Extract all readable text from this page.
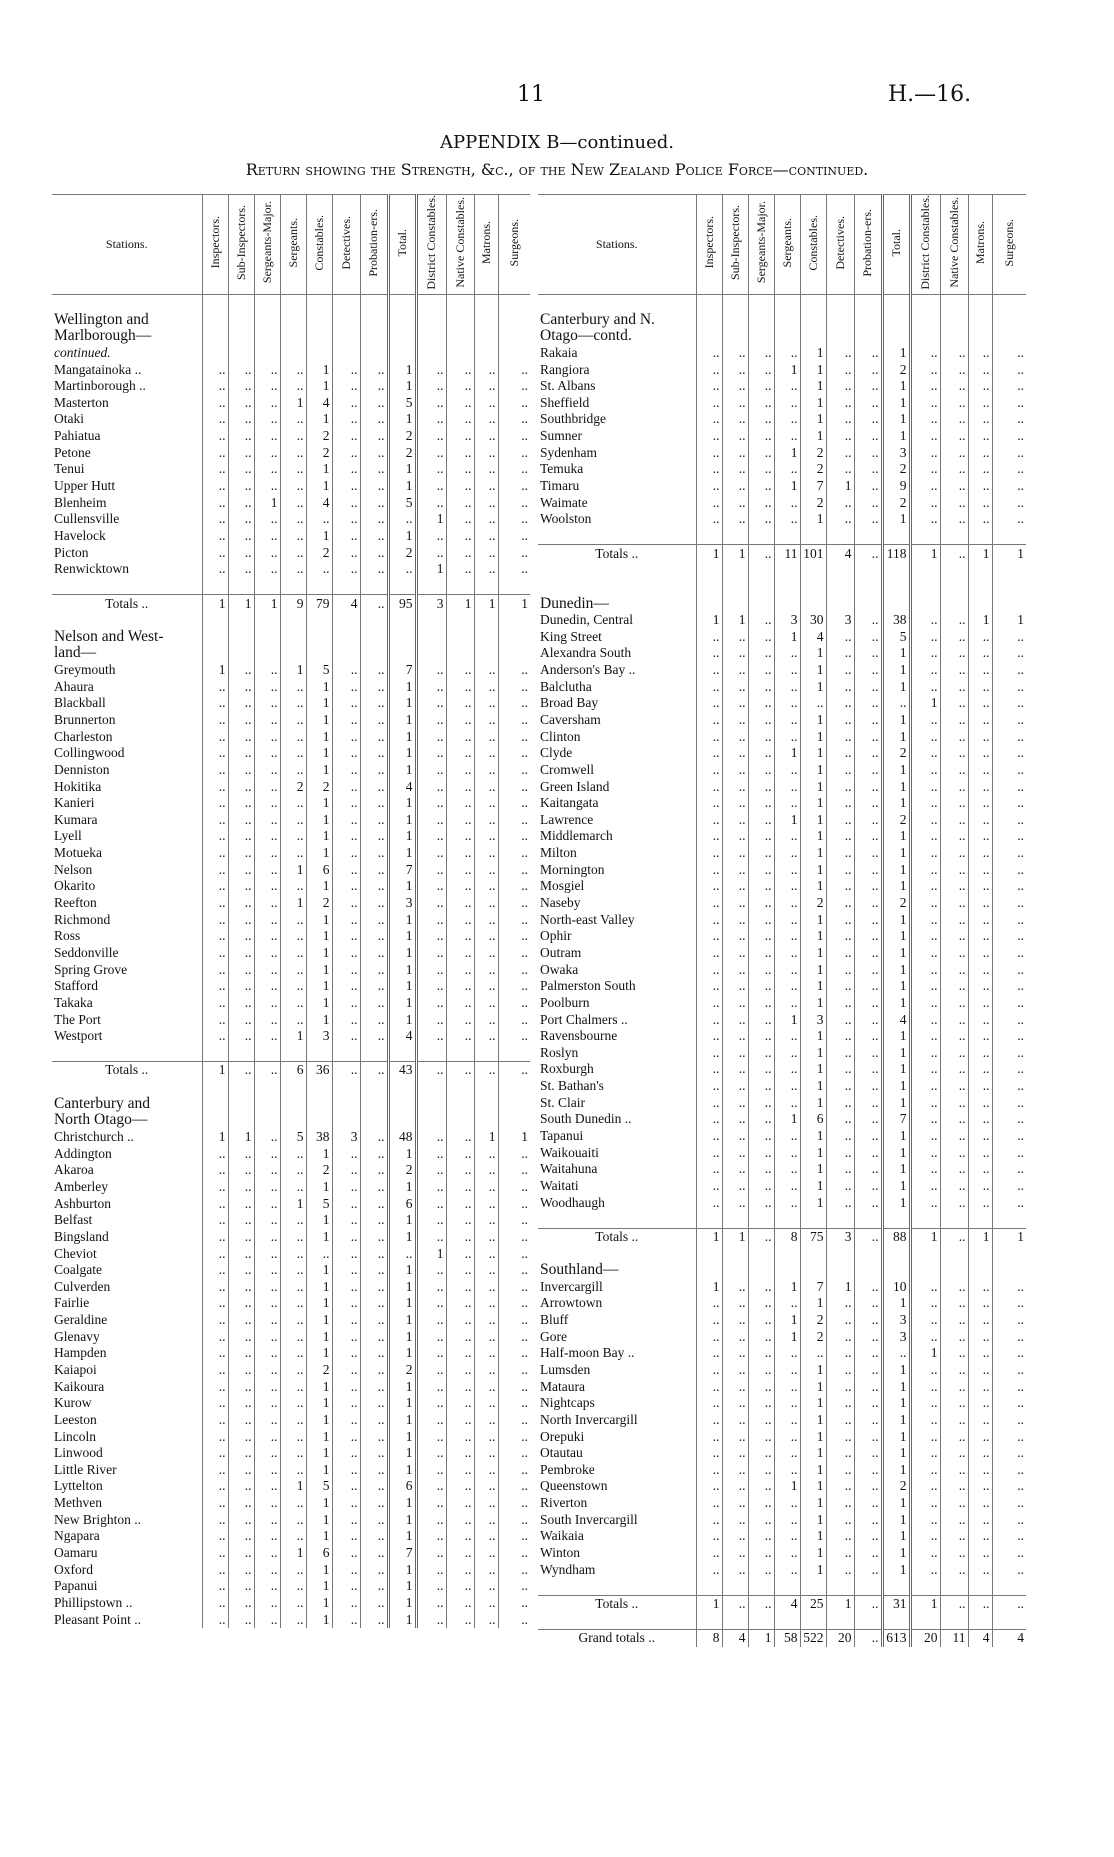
11	H.—16.
APPENDIX B—continued.
Return showing the Strength, &c., of the New Zealand Police Force—continued.
Stations.	Inspectors.	Sub-Inspectors.	Sergeants-Major.	Sergeants.	Constables.	Detectives.	Probation-ers.	Total.	District Constables.	Native Constables.	Matrons.	Surgeons.

Wellington and												
Marlborough—												
continued.												
Mangatainoka ..	..	..	..	..	1	..	..	1	..	..	..	..
Martinborough ..	..	..	..	..	1	..	..	1	..	..	..	..
Masterton	..	..	..	1	4	..	..	5	..	..	..	..
Otaki	..	..	..	..	1	..	..	1	..	..	..	..
Pahiatua	..	..	..	..	2	..	..	2	..	..	..	..
Petone	..	..	..	..	2	..	..	2	..	..	..	..
Tenui	..	..	..	..	1	..	..	1	..	..	..	..
Upper Hutt	..	..	..	..	1	..	..	1	..	..	..	..
Blenheim	..	..	1	..	4	..	..	5	..	..	..	..
Cullensville	..	..	..	..	..	..	..	..	1	..	..	..
Havelock	..	..	..	..	1	..	..	1	..	..	..	..
Picton	..	..	..	..	2	..	..	2	..	..	..	..
Renwicktown	..	..	..	..	..	..	..	..	1	..	..	..

Totals ..	1	1	1	9	79	4	..	95	3	1	1	1

Nelson and West-												
land—												
Greymouth	1	..	..	1	5	..	..	7	..	..	..	..
Ahaura	..	..	..	..	1	..	..	1	..	..	..	..
Blackball	..	..	..	..	1	..	..	1	..	..	..	..
Brunnerton	..	..	..	..	1	..	..	1	..	..	..	..
Charleston	..	..	..	..	1	..	..	1	..	..	..	..
Collingwood	..	..	..	..	1	..	..	1	..	..	..	..
Denniston	..	..	..	..	1	..	..	1	..	..	..	..
Hokitika	..	..	..	2	2	..	..	4	..	..	..	..
Kanieri	..	..	..	..	1	..	..	1	..	..	..	..
Kumara	..	..	..	..	1	..	..	1	..	..	..	..
Lyell	..	..	..	..	1	..	..	1	..	..	..	..
Motueka	..	..	..	..	1	..	..	1	..	..	..	..
Nelson	..	..	..	1	6	..	..	7	..	..	..	..
Okarito	..	..	..	..	1	..	..	1	..	..	..	..
Reefton	..	..	..	1	2	..	..	3	..	..	..	..
Richmond	..	..	..	..	1	..	..	1	..	..	..	..
Ross	..	..	..	..	1	..	..	1	..	..	..	..
Seddonville	..	..	..	..	1	..	..	1	..	..	..	..
Spring Grove	..	..	..	..	1	..	..	1	..	..	..	..
Stafford	..	..	..	..	1	..	..	1	..	..	..	..
Takaka	..	..	..	..	1	..	..	1	..	..	..	..
The Port	..	..	..	..	1	..	..	1	..	..	..	..
Westport	..	..	..	1	3	..	..	4	..	..	..	..

Totals ..	1	..	..	6	36	..	..	43	..	..	..	..

Canterbury and												
North Otago—												
Christchurch ..	1	1	..	5	38	3	..	48	..	..	1	1
Addington	..	..	..	..	1	..	..	1	..	..	..	..
Akaroa	..	..	..	..	2	..	..	2	..	..	..	..
Amberley	..	..	..	..	1	..	..	1	..	..	..	..
Ashburton	..	..	..	1	5	..	..	6	..	..	..	..
Belfast	..	..	..	..	1	..	..	1	..	..	..	..
Bingsland	..	..	..	..	1	..	..	1	..	..	..	..
Cheviot	..	..	..	..	..	..	..	..	1	..	..	..
Coalgate	..	..	..	..	1	..	..	1	..	..	..	..
Culverden	..	..	..	..	1	..	..	1	..	..	..	..
Fairlie	..	..	..	..	1	..	..	1	..	..	..	..
Geraldine	..	..	..	..	1	..	..	1	..	..	..	..
Glenavy	..	..	..	..	1	..	..	1	..	..	..	..
Hampden	..	..	..	..	1	..	..	1	..	..	..	..
Kaiapoi	..	..	..	..	2	..	..	2	..	..	..	..
Kaikoura	..	..	..	..	1	..	..	1	..	..	..	..
Kurow	..	..	..	..	1	..	..	1	..	..	..	..
Leeston	..	..	..	..	1	..	..	1	..	..	..	..
Lincoln	..	..	..	..	1	..	..	1	..	..	..	..
Linwood	..	..	..	..	1	..	..	1	..	..	..	..
Little River	..	..	..	..	1	..	..	1	..	..	..	..
Lyttelton	..	..	..	1	5	..	..	6	..	..	..	..
Methven	..	..	..	..	1	..	..	1	..	..	..	..
New Brighton ..	..	..	..	..	1	..	..	1	..	..	..	..
Ngapara	..	..	..	..	1	..	..	1	..	..	..	..
Oamaru	..	..	..	1	6	..	..	7	..	..	..	..
Oxford	..	..	..	..	1	..	..	1	..	..	..	..
Papanui	..	..	..	..	1	..	..	1	..	..	..	..
Phillipstown ..	..	..	..	..	1	..	..	1	..	..	..	..
Pleasant Point ..	..	..	..	..	1	..	..	1	..	..	..	..
Stations.	Inspectors.	Sub-Inspectors.	Sergeants-Major.	Sergeants.	Constables.	Detectives.	Probation-ers.	Total.	District Constables.	Native Constables.	Matrons.	Surgeons.

Canterbury and N.												
Otago—contd.												
Rakaia	..	..	..	..	1	..	..	1	..	..	..	..
Rangiora	..	..	..	1	1	..	..	2	..	..	..	..
St. Albans	..	..	..	..	1	..	..	1	..	..	..	..
Sheffield	..	..	..	..	1	..	..	1	..	..	..	..
Southbridge	..	..	..	..	1	..	..	1	..	..	..	..
Sumner	..	..	..	..	1	..	..	1	..	..	..	..
Sydenham	..	..	..	1	2	..	..	3	..	..	..	..
Temuka	..	..	..	..	2	..	..	2	..	..	..	..
Timaru	..	..	..	1	7	1	..	9	..	..	..	..
Waimate	..	..	..	..	2	..	..	2	..	..	..	..
Woolston	..	..	..	..	1	..	..	1	..	..	..	..

Totals ..	1	1	..	11	101	4	..	118	1	..	1	1

Dunedin—												
Dunedin, Central	1	1	..	3	30	3	..	38	..	..	1	1
King Street	..	..	..	1	4	..	..	5	..	..	..	..
Alexandra South	..	..	..	..	1	..	..	1	..	..	..	..
Anderson's Bay ..	..	..	..	..	1	..	..	1	..	..	..	..
Balclutha	..	..	..	..	1	..	..	1	..	..	..	..
Broad Bay	..	..	..	..	..	..	..	..	1	..	..	..
Caversham	..	..	..	..	1	..	..	1	..	..	..	..
Clinton	..	..	..	..	1	..	..	1	..	..	..	..
Clyde	..	..	..	1	1	..	..	2	..	..	..	..
Cromwell	..	..	..	..	1	..	..	1	..	..	..	..
Green Island	..	..	..	..	1	..	..	1	..	..	..	..
Kaitangata	..	..	..	..	1	..	..	1	..	..	..	..
Lawrence	..	..	..	1	1	..	..	2	..	..	..	..
Middlemarch	..	..	..	..	1	..	..	1	..	..	..	..
Milton	..	..	..	..	1	..	..	1	..	..	..	..
Mornington	..	..	..	..	1	..	..	1	..	..	..	..
Mosgiel	..	..	..	..	1	..	..	1	..	..	..	..
Naseby	..	..	..	..	2	..	..	2	..	..	..	..
North-east Valley	..	..	..	..	1	..	..	1	..	..	..	..
Ophir	..	..	..	..	1	..	..	1	..	..	..	..
Outram	..	..	..	..	1	..	..	1	..	..	..	..
Owaka	..	..	..	..	1	..	..	1	..	..	..	..
Palmerston South	..	..	..	..	1	..	..	1	..	..	..	..
Poolburn	..	..	..	..	1	..	..	1	..	..	..	..
Port Chalmers ..	..	..	..	1	3	..	..	4	..	..	..	..
Ravensbourne	..	..	..	..	1	..	..	1	..	..	..	..
Roslyn	..	..	..	..	1	..	..	1	..	..	..	..
Roxburgh	..	..	..	..	1	..	..	1	..	..	..	..
St. Bathan's	..	..	..	..	1	..	..	1	..	..	..	..
St. Clair	..	..	..	..	1	..	..	1	..	..	..	..
South Dunedin ..	..	..	..	1	6	..	..	7	..	..	..	..
Tapanui	..	..	..	..	1	..	..	1	..	..	..	..
Waikouaiti	..	..	..	..	1	..	..	1	..	..	..	..
Waitahuna	..	..	..	..	1	..	..	1	..	..	..	..
Waitati	..	..	..	..	1	..	..	1	..	..	..	..
Woodhaugh	..	..	..	..	1	..	..	1	..	..	..	..

Totals ..	1	1	..	8	75	3	..	88	1	..	1	1

Southland—												
Invercargill	1	..	..	1	7	1	..	10	..	..	..	..
Arrowtown	..	..	..	..	1	..	..	1	..	..	..	..
Bluff	..	..	..	1	2	..	..	3	..	..	..	..
Gore	..	..	..	1	2	..	..	3	..	..	..	..
Half-moon Bay ..	..	..	..	..	..	..	..	..	1	..	..	..
Lumsden	..	..	..	..	1	..	..	1	..	..	..	..
Mataura	..	..	..	..	1	..	..	1	..	..	..	..
Nightcaps	..	..	..	..	1	..	..	1	..	..	..	..
North Invercargill	..	..	..	..	1	..	..	1	..	..	..	..
Orepuki	..	..	..	..	1	..	..	1	..	..	..	..
Otautau	..	..	..	..	1	..	..	1	..	..	..	..
Pembroke	..	..	..	..	1	..	..	1	..	..	..	..
Queenstown	..	..	..	1	1	..	..	2	..	..	..	..
Riverton	..	..	..	..	1	..	..	1	..	..	..	..
South Invercargill	..	..	..	..	1	..	..	1	..	..	..	..
Waikaia	..	..	..	..	1	..	..	1	..	..	..	..
Winton	..	..	..	..	1	..	..	1	..	..	..	..
Wyndham	..	..	..	..	1	..	..	1	..	..	..	..

Totals ..	1	..	..	4	25	1	..	31	1	..	..	..

Grand totals ..	8	4	1	58	522	20	..	613	20	11	4	4
